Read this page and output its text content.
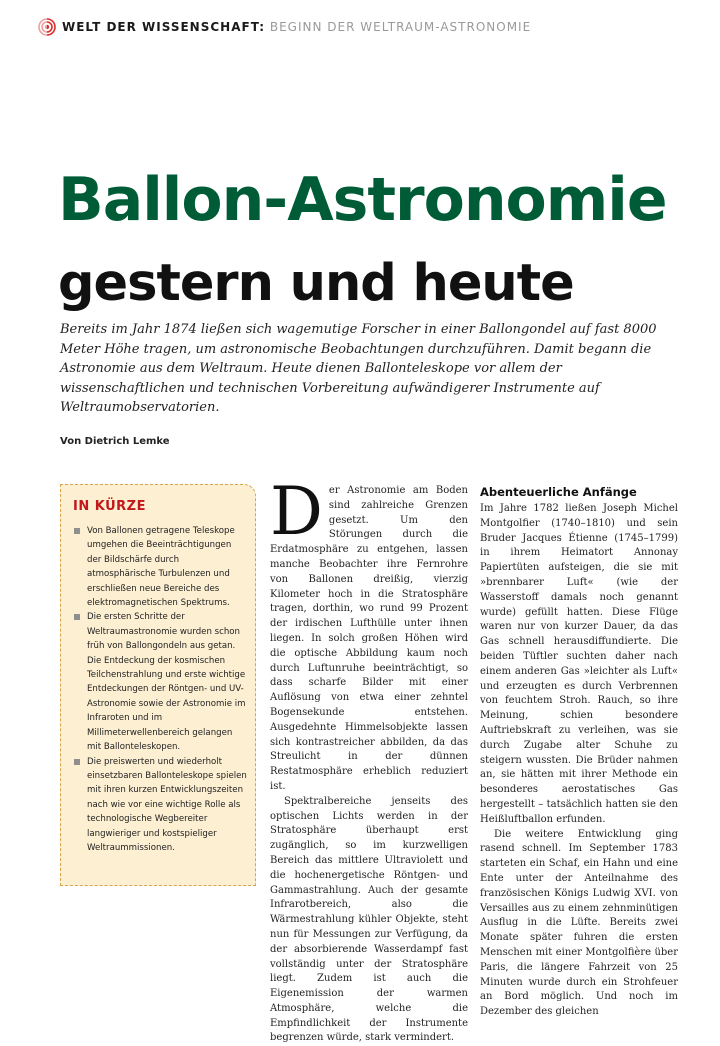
WELT DER WISSENSCHAFT: BEGINN DER WELTRAUM-ASTRONOMIE
Ballon-Astronomie
gestern und heute

Bereits im Jahr 1874 ließen sich wagemutige Forscher in einer Ballongondel auf fast 8000 Meter Höhe tragen, um astronomische Beobachtungen durchzuführen. Damit begann die Astronomie aus dem Weltraum. Heute dienen Ballonteleskope vor allem der wissenschaftlichen und technischen Vorbereitung aufwändigerer Instrumente auf Weltraumobservatorien.

Von Dietrich Lemke

IN KÜRZE
Von Ballonen getragene Teleskope umgehen die Beeinträchtigungen der Bildschärfe durch atmosphärische Turbulenzen und erschließen neue Bereiche des elektromagnetischen Spektrums.
Die ersten Schritte der Weltraumastronomie wurden schon früh von Ballongondeln aus getan. Die Entdeckung der kosmischen Teilchenstrahlung und erste wichtige Entdeckungen der Röntgen- und UV-Astronomie sowie der Astronomie im Infraroten und im Millimeterwellenbereich gelangen mit Ballonteleskopen.
Die preiswerten und wiederholt einsetzbaren Ballonteleskope spielen mit ihren kurzen Entwicklungszeiten nach wie vor eine wichtige Rolle als technologische Wegbereiter langwieriger und kostspieliger Weltraummissionen.
D er Astronomie am Boden sind zahlreiche Grenzen gesetzt. Um den Störungen durch die Erdatmosphäre zu entgehen, lassen manche Beobachter ihre Fernrohre von Ballonen dreißig, vierzig Kilometer hoch in die Stratosphäre tragen, dorthin, wo rund 99 Prozent der irdischen Lufthülle unter ihnen liegen. In solch großen Höhen wird die optische Abbildung kaum noch durch Luftunruhe beeinträchtigt, so dass scharfe Bilder mit einer Auflösung von etwa einer zehntel Bogensekunde entstehen. Ausgedehnte Himmelsobjekte lassen sich kontrastreicher abbilden, da das Streulicht in der dünnen Restatmosphäre erheblich reduziert ist.

Spektralbereiche jenseits des optischen Lichts werden in der Stratosphäre überhaupt erst zugänglich, so im kurzwelligen Bereich das mittlere Ultraviolett und die hochenergetische Röntgen- und Gammastrahlung. Auch der gesamte Infrarotbereich, also die Wärmestrahlung kühler Objekte, steht nun für Messungen zur Verfügung, da der absorbierende Wasserdampf fast vollständig unter der Stratosphäre liegt. Zudem ist auch die Eigenemission der warmen Atmosphäre, welche die Empfindlichkeit der Instrumente begrenzen würde, stark vermindert.

Abenteuerliche Anfänge

Im Jahre 1782 ließen Joseph Michel Montgolfier (1740–1810) und sein Bruder Jacques Étienne (1745–1799) in ihrem Heimatort Annonay Papiertüten aufsteigen, die sie mit »brennbarer Luft« (wie der Wasserstoff damals noch genannt wurde) gefüllt hatten. Diese Flüge waren nur von kurzer Dauer, da das Gas schnell herausdiffundierte. Die beiden Tüftler suchten daher nach einem anderen Gas »leichter als Luft« und erzeugten es durch Verbrennen von feuchtem Stroh. Rauch, so ihre Meinung, schien besondere Auftriebskraft zu verleihen, was sie durch Zugabe alter Schuhe zu steigern wussten. Die Brüder nahmen an, sie hätten mit ihrer Methode ein besonderes aerostatisches Gas hergestellt – tatsächlich hatten sie den Heißluftballon erfunden.

Die weitere Entwicklung ging rasend schnell. Im September 1783 starteten ein Schaf, ein Hahn und eine Ente unter der Anteilnahme des französischen Königs Ludwig XVI. von Versailles aus zu einem zehnminütigen Ausflug in die Lüfte. Bereits zwei Monate später fuhren die ersten Menschen mit einer Montgolfière über Paris, die längere Fahrzeit von 25 Minuten wurde durch ein Strohfeuer an Bord möglich. Und noch im Dezember des gleichen
